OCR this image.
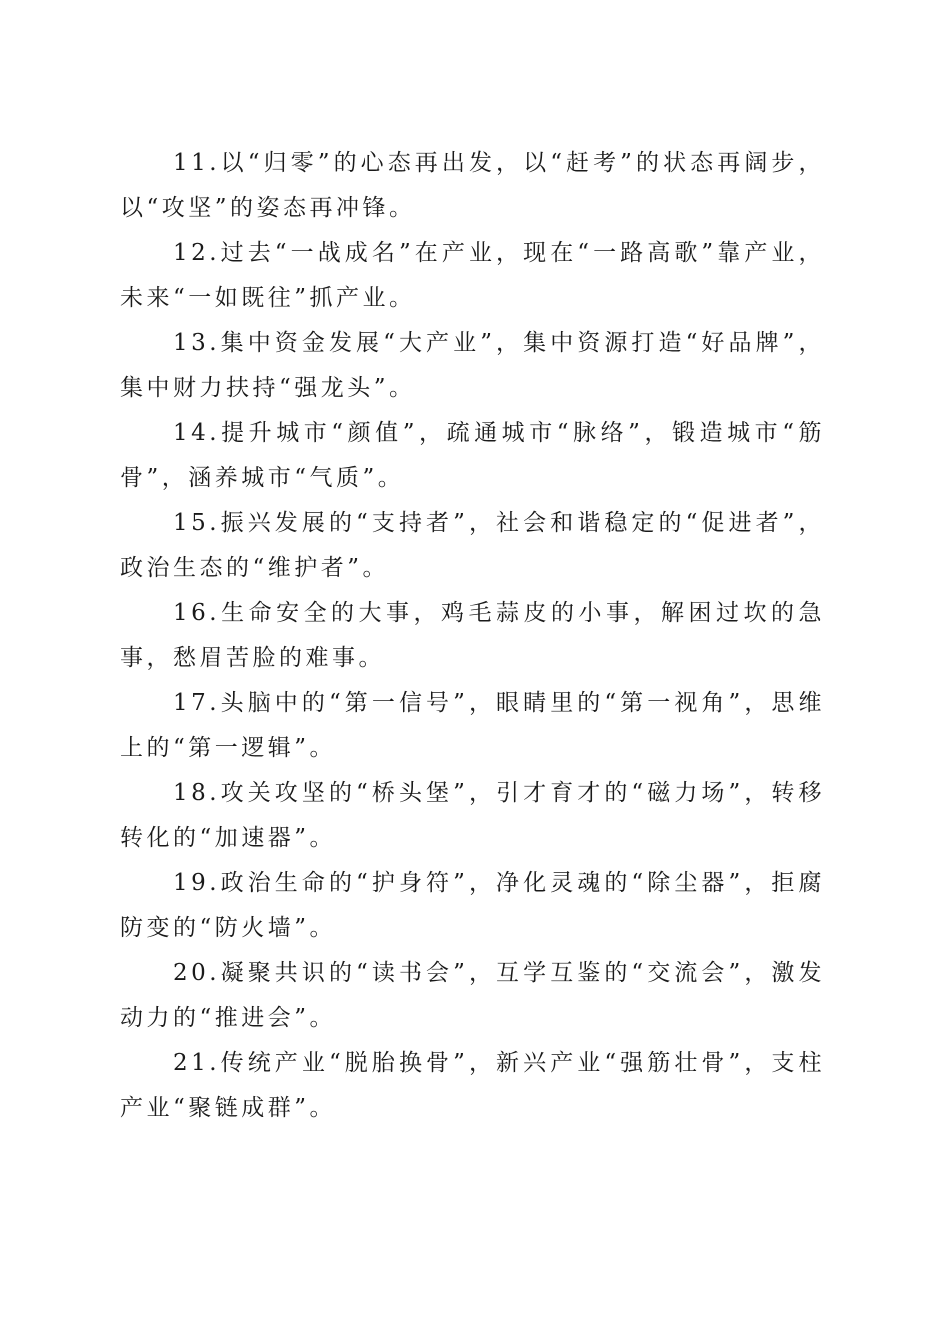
11.以“归零”的心态再出发，以“赶考”的状态再阔步，以“攻坚”的姿态再冲锋。

12.过去“一战成名”在产业，现在“一路高歌”靠产业，未来“一如既往”抓产业。

13.集中资金发展“大产业”，集中资源打造“好品牌”，集中财力扶持“强龙头”。

14.提升城市“颜值”，疏通城市“脉络”，锻造城市“筋骨”，涵养城市“气质”。

15.振兴发展的“支持者”，社会和谐稳定的“促进者”，政治生态的“维护者”。

16.生命安全的大事，鸡毛蒜皮的小事，解困过坎的急事，愁眉苦脸的难事。

17.头脑中的“第一信号”，眼睛里的“第一视角”，思维上的“第一逻辑”。

18.攻关攻坚的“桥头堡”，引才育才的“磁力场”，转移转化的“加速器”。

19.政治生命的“护身符”，净化灵魂的“除尘器”，拒腐防变的“防火墙”。

20.凝聚共识的“读书会”，互学互鉴的“交流会”，激发动力的“推进会”。

21.传统产业“脱胎换骨”，新兴产业“强筋壮骨”，支柱产业“聚链成群”。
